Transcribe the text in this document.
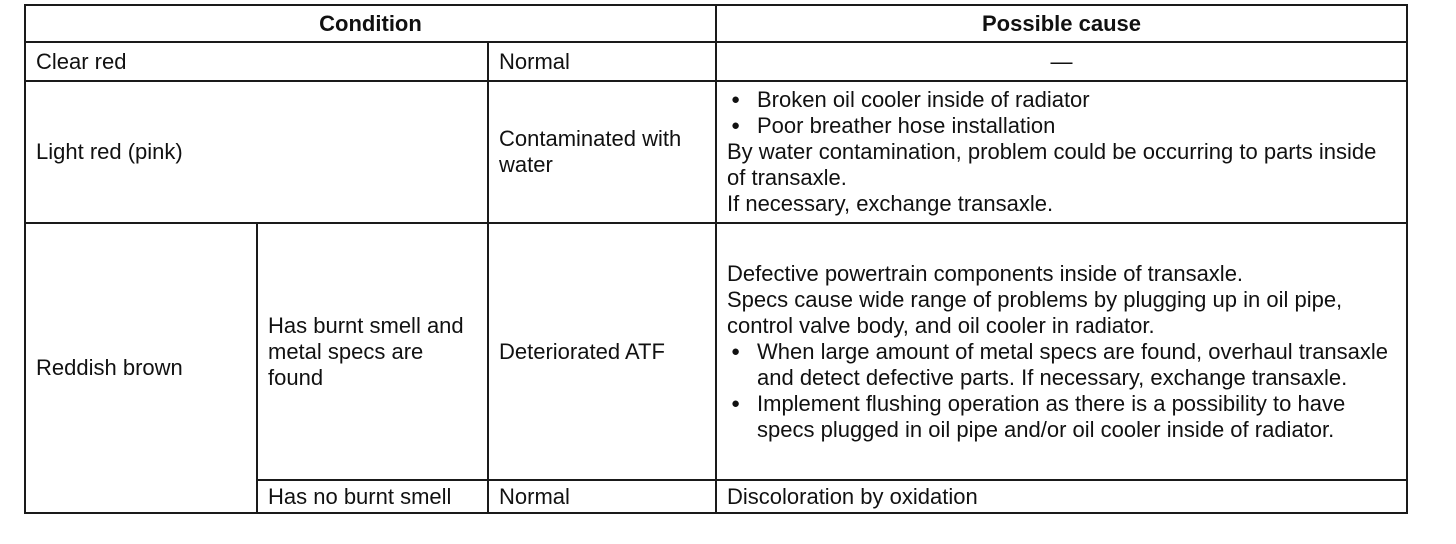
Condition			Possible cause
Clear red		Normal	—
Light red (pink)		Contaminated with water	● Broken oil cooler inside of radiator
● Poor breather hose installation
By water contamination, problem could be occurring to parts inside of transaxle.
If necessary, exchange transaxle.

Reddish brown	Has burnt smell and metal specs are found	Deteriorated ATF	Defective powertrain components inside of transaxle.
Specs cause wide range of problems by plugging up in oil pipe, control valve body, and oil cooler in radiator.
● When large amount of metal specs are found, overhaul transaxle and detect defective parts. If necessary, exchange transaxle.
● Implement flushing operation as there is a possibility to have specs plugged in oil pipe and/or oil cooler inside of radiator.

	Has no burnt smell	Normal	Discoloration by oxidation
